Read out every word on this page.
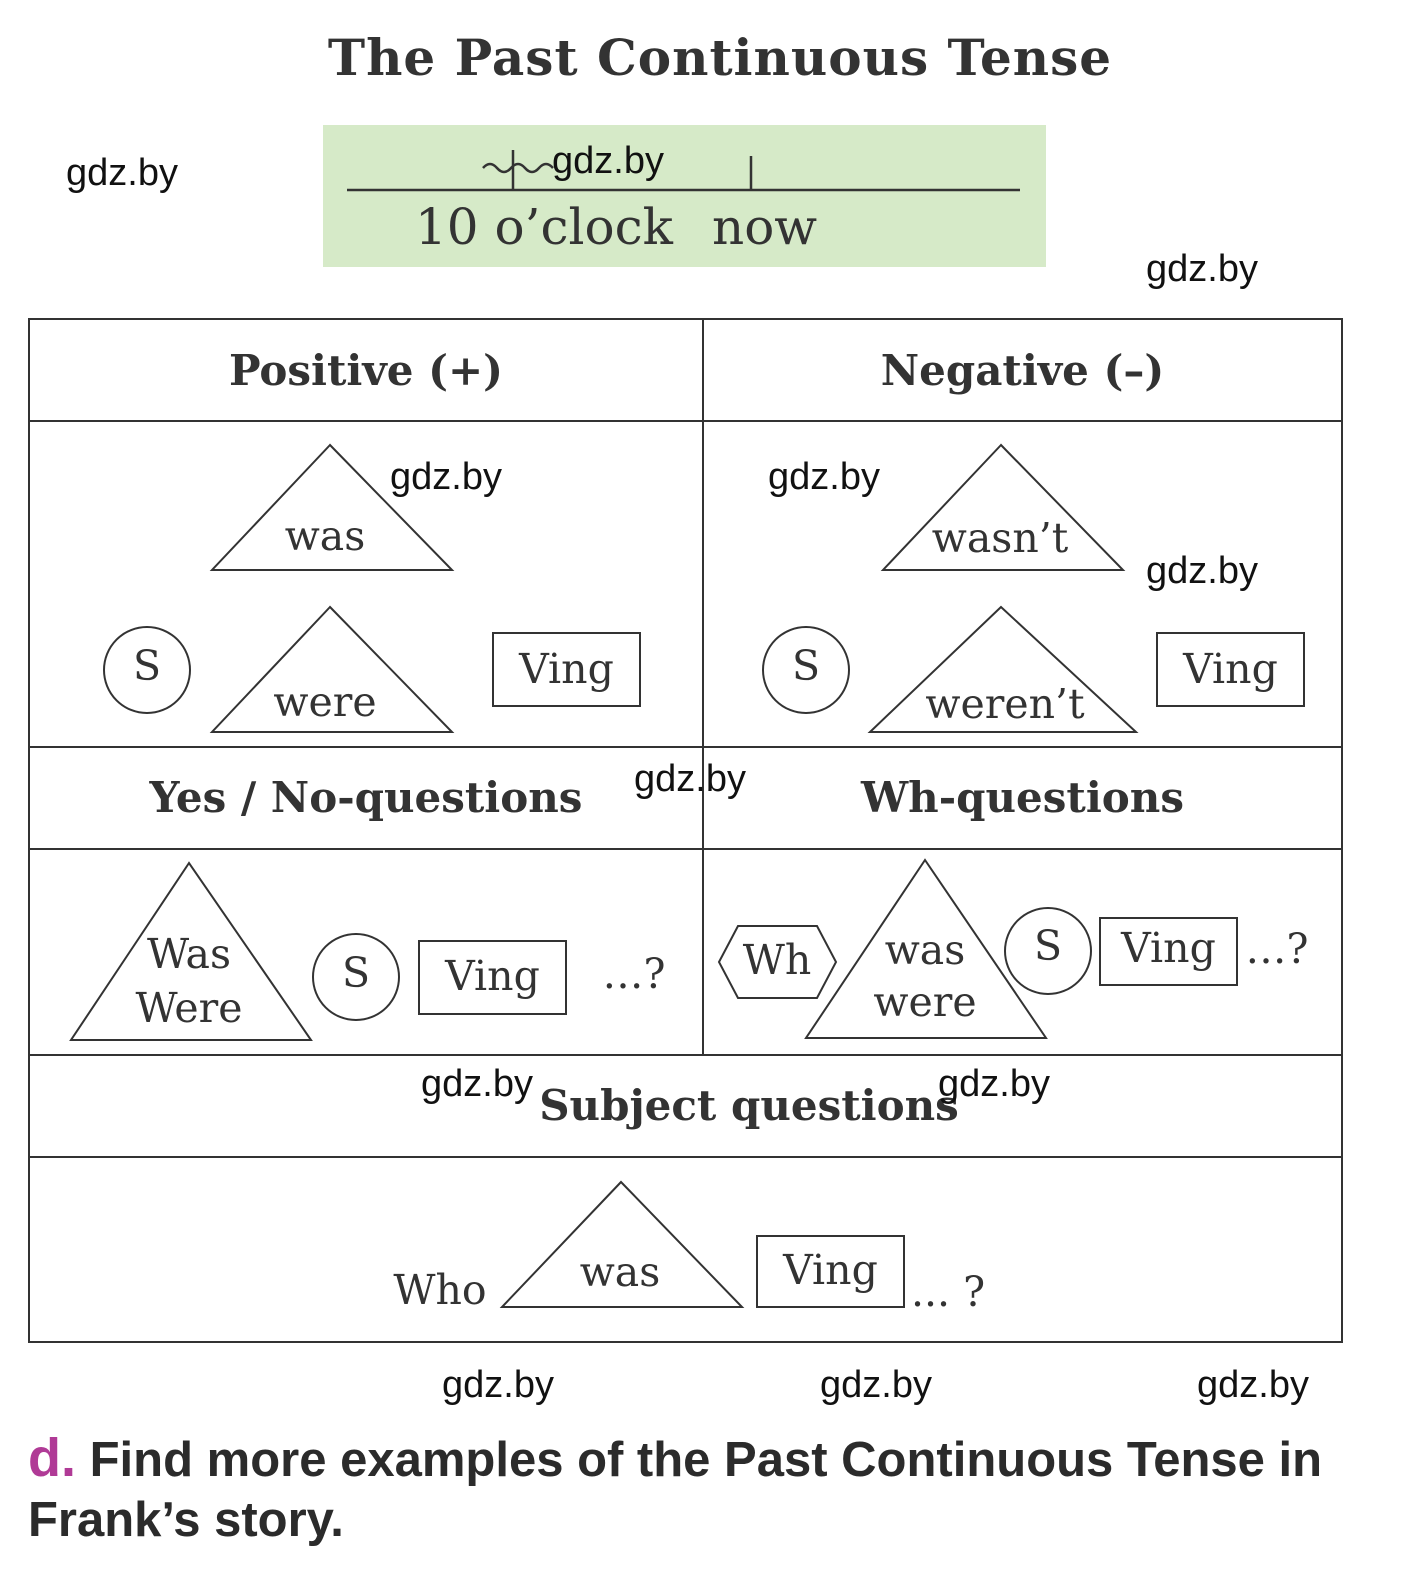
The Past Continuous Tense
10 o’clock now
Positive (+)	Negative (–)
Yes / No-questions	Wh-questions
Subject questions
was
were
S	Ving
wasn’t
weren’t
S	Ving
Was
Were
S	Ving	…?	Wh	was
were
S	Ving …?
Who	was	Ving ... ?
gdz.by	gdz.by
gdz.by
gdz.by	gdz.by
gdz.by
gdz.by
gdz.by	gdz.by
gdz.by	gdz.by	gdz.by
d. Find more examples of the Past Continuous Tense in Frank’s story.
